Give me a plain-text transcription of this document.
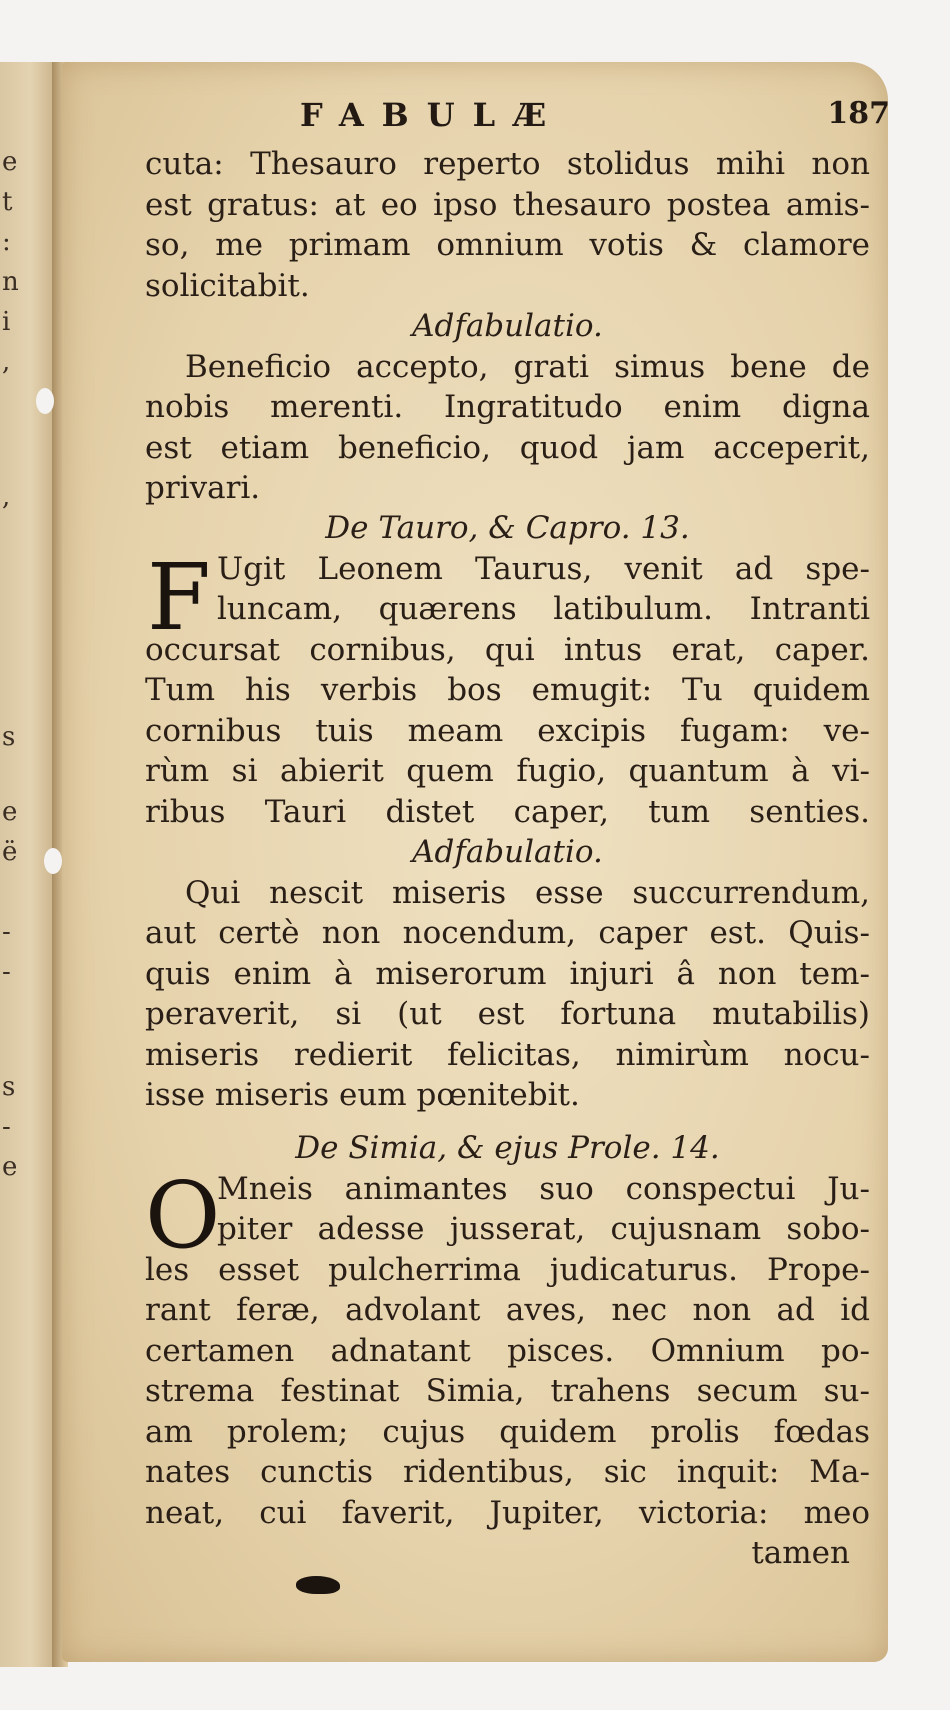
e
t
:
n
i
,
,
s
e
ë
-
-
s
-
e
FABULÆ	187
cuta: Thesauro reperto stolidus mihi non
est gratus: at eo ipso thesauro postea amis-
so, me primam omnium votis & clamore
solicitabit.
Adfabulatio.
Beneficio accepto, grati simus bene de
nobis merenti. Ingratitudo enim digna
est etiam beneficio, quod jam acceperit,
privari.
De Tauro, & Capro. 13.
F Ugit Leonem Taurus, venit ad spe-
luncam, quærens latibulum. Intranti
occursat cornibus, qui intus erat, caper.
Tum his verbis bos emugit: Tu quidem
cornibus tuis meam excipis fugam: ve-
rùm si abierit quem fugio, quantum à vi-
ribus Tauri distet caper, tum senties.
Adfabulatio.
Qui nescit miseris esse succurrendum,
aut certè non nocendum, caper est. Quis-
quis enim à miserorum injuri â non tem-
peraverit, si (ut est fortuna mutabilis)
miseris redierit felicitas, nimirùm nocu-
isse miseris eum pœnitebit.
De Simia, & ejus Prole. 14.
O
Mneis animantes suo conspectui Ju-
piter adesse jusserat, cujusnam sobo-
les esset pulcherrima judicaturus. Prope-
rant feræ, advolant aves, nec non ad id
certamen adnatant pisces. Omnium po-
strema festinat Simia, trahens secum su-
am prolem; cujus quidem prolis fœdas
nates cunctis ridentibus, sic inquit: Ma-
neat, cui faverit, Jupiter, victoria: meo
tamen
